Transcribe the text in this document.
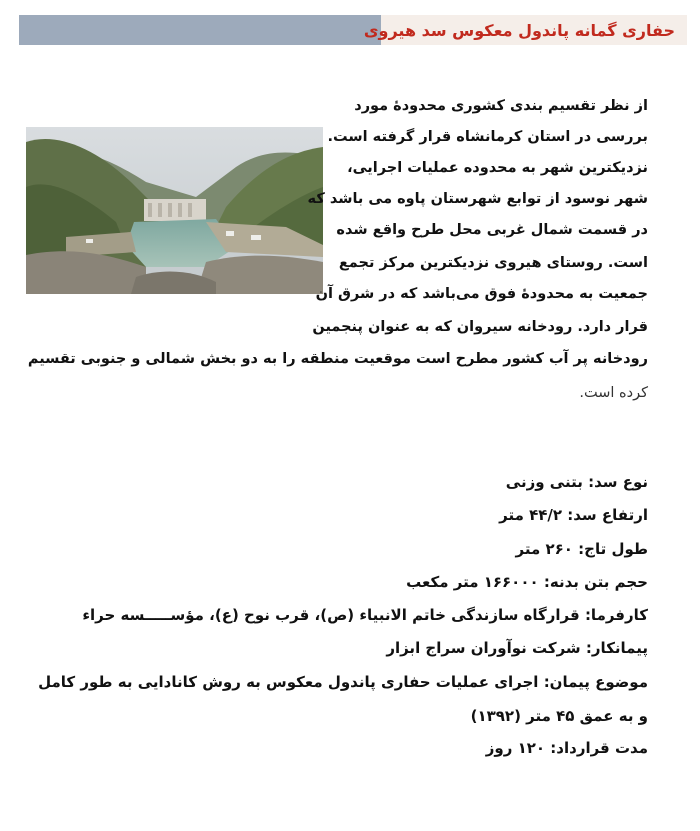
حفاری گمانه پاندول معکوس سد هیروی
از نظر تقسیم بندی کشوری محدودهٔ مورد
بررسی در استان کرمانشاه قرار گرفته است.
نزدیکترین شهر به محدوده عملیات اجرایی،
شهر نوسود از توابع شهرستان پاوه می باشد که
در قسمت شمال غربی محل طرح واقع شده
است. روستای هیروی نزدیکترین مرکز تجمع
جمعیت به محدودهٔ فوق می‌باشد که در شرق آن
قرار دارد. رودخانه سیروان که به عنوان پنجمین
رودخانه پر آب کشور مطرح است موقعیت منطقه را به دو بخش شمالی و جنوبی تقسیم
کرده است.
نوع سد: بتنی وزنی
ارتفاع سد: ۴۴/۲ متر
طول تاج: ۲۶۰ متر
حجم بتن بدنه: ۱۶۶۰۰۰ متر مکعب
کارفرما: قرارگاه سازندگی خاتم الانبیاء (ص)، قرب نوح (ع)، مؤســـــسه حراء
پیمانکار: شرکت نوآوران سراج ابزار
موضوع پیمان: اجرای عملیات حفاری پاندول معکوس به روش کانادایی به طور کامل
و به عمق ۴۵ متر (۱۳۹۲)
مدت قرارداد: ۱۲۰ روز
